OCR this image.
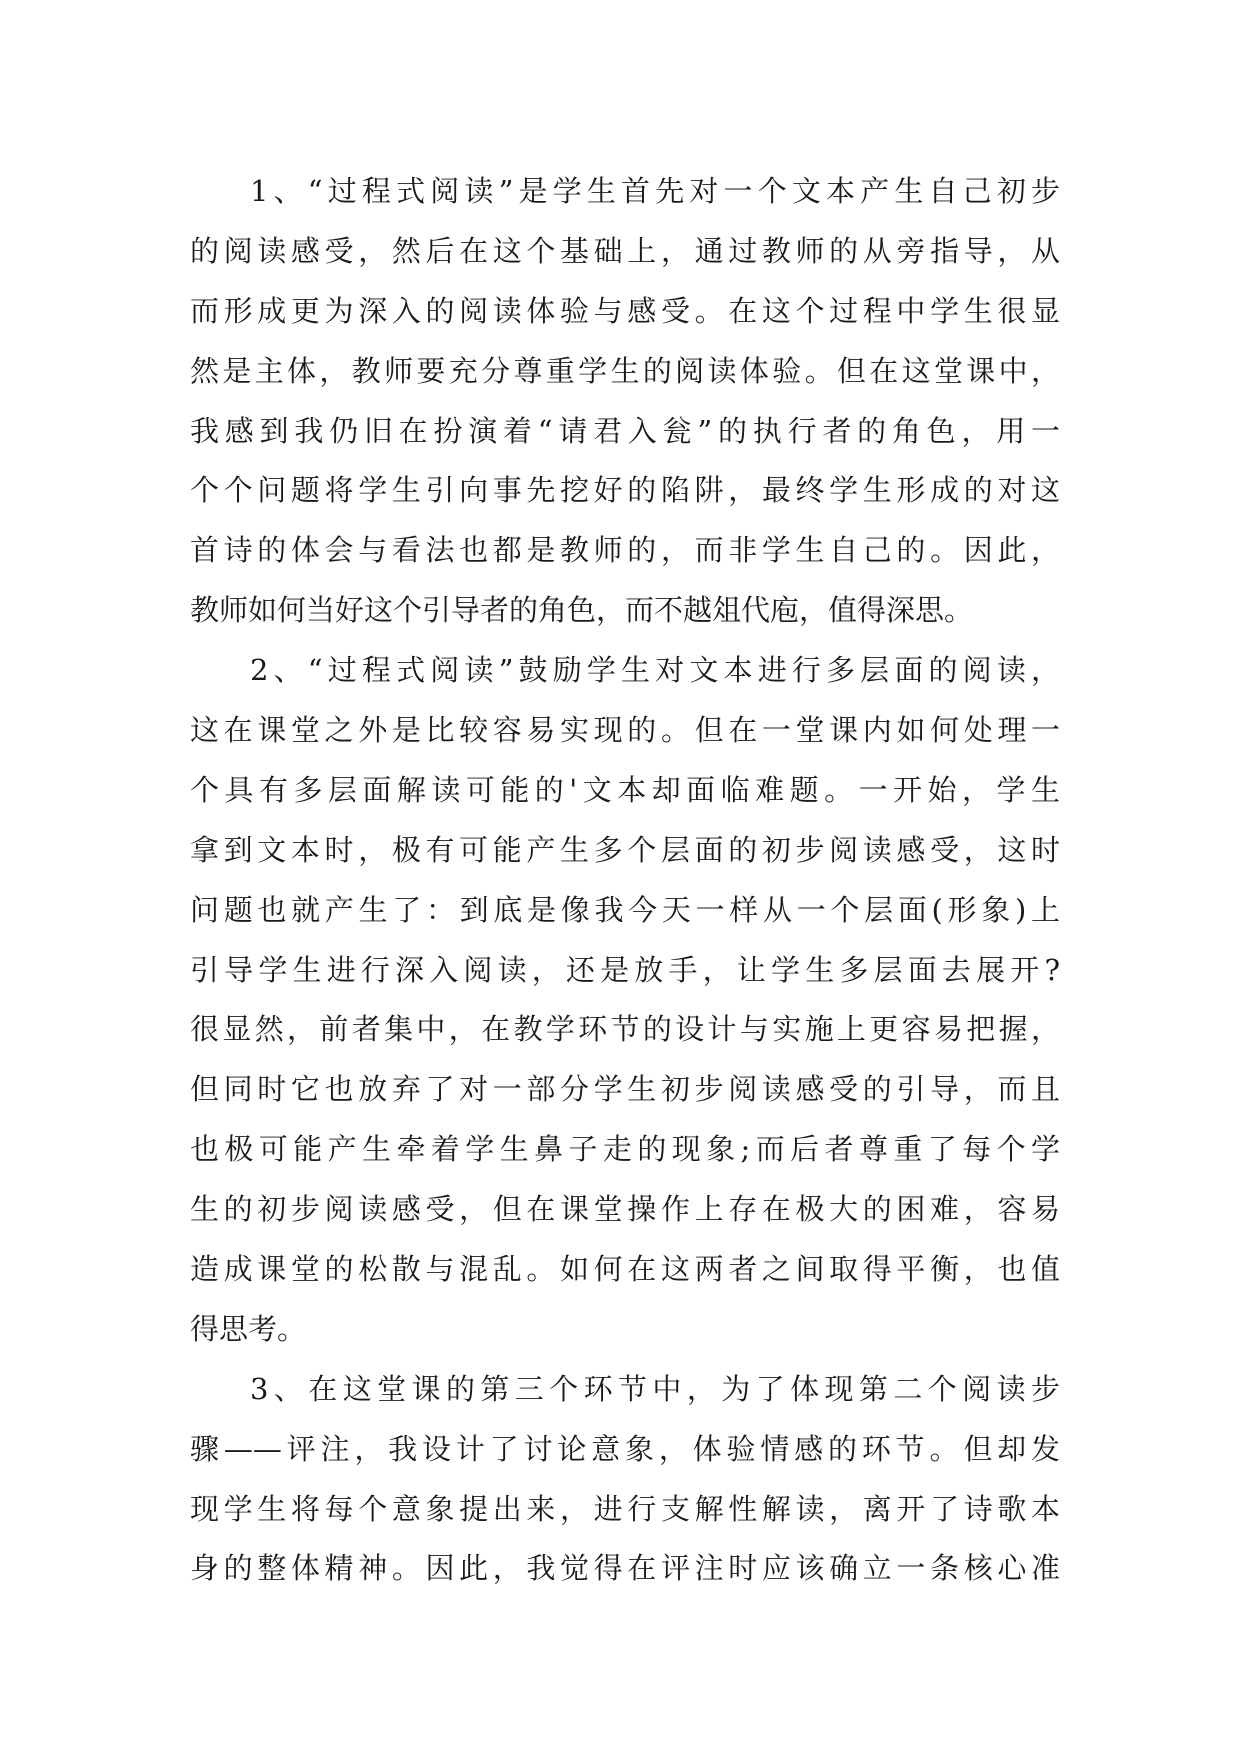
1、“过程式阅读”是学生首先对一个文本产生自己初步
的阅读感受，然后在这个基础上，通过教师的从旁指导，从
而形成更为深入的阅读体验与感受。在这个过程中学生很显
然是主体，教师要充分尊重学生的阅读体验。但在这堂课中，
我感到我仍旧在扮演着“请君入瓮”的执行者的角色，用一
个个问题将学生引向事先挖好的陷阱，最终学生形成的对这
首诗的体会与看法也都是教师的，而非学生自己的。因此，
教师如何当好这个引导者的角色，而不越俎代庖，值得深思。
2、“过程式阅读”鼓励学生对文本进行多层面的阅读，
这在课堂之外是比较容易实现的。但在一堂课内如何处理一
个具有多层面解读可能的'文本却面临难题。一开始，学生
拿到文本时，极有可能产生多个层面的初步阅读感受，这时
问题也就产生了：到底是像我今天一样从一个层面(形象)上
引导学生进行深入阅读，还是放手，让学生多层面去展开?
很显然，前者集中，在教学环节的设计与实施上更容易把握，
但同时它也放弃了对一部分学生初步阅读感受的引导，而且
也极可能产生牵着学生鼻子走的现象;而后者尊重了每个学
生的初步阅读感受，但在课堂操作上存在极大的困难，容易
造成课堂的松散与混乱。如何在这两者之间取得平衡，也值
得思考。
3、在这堂课的第三个环节中，为了体现第二个阅读步
骤——评注，我设计了讨论意象，体验情感的环节。但却发
现学生将每个意象提出来，进行支解性解读，离开了诗歌本
身的整体精神。因此，我觉得在评注时应该确立一条核心准
